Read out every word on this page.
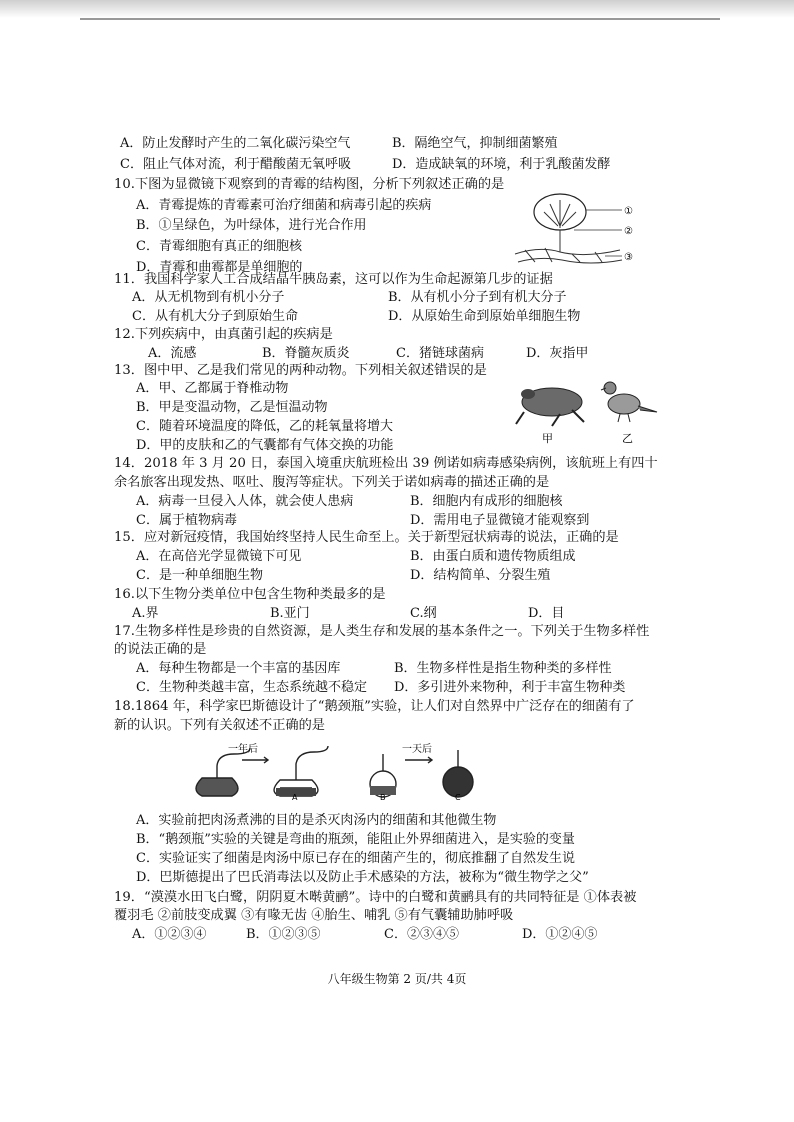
A．防止发酵时产生的二氧化碳污染空气	B．隔绝空气，抑制细菌繁殖
C．阻止气体对流，利于醋酸菌无氧呼吸	D．造成缺氧的环境，利于乳酸菌发酵
10.下图为显微镜下观察到的青霉的结构图，分析下列叙述正确的是
A．青霉提炼的青霉素可治疗细菌和病毒引起的疾病
B．①呈绿色，为叶绿体，进行光合作用
C．青霉细胞有真正的细胞核
D．青霉和曲霉都是单细胞的
①
②
③
11．我国科学家人工合成结晶牛胰岛素，这可以作为生命起源第几步的证据
A．从无机物到有机小分子	B．从有机小分子到有机大分子
C．从有机大分子到原始生命	D．从原始生命到原始单细胞生物
12.下列疾病中，由真菌引起的疾病是
A．流感	B．脊髓灰质炎	C．猪链球菌病	D．灰指甲
13．图中甲、乙是我们常见的两种动物。下列相关叙述错误的是
A．甲、乙都属于脊椎动物
B．甲是变温动物，乙是恒温动物
C．随着环境温度的降低，乙的耗氧量将增大
D．甲的皮肤和乙的气囊都有气体交换的功能	甲	乙
14．2018 年 3 月 20 日，泰国入境重庆航班检出 39 例诺如病毒感染病例，该航班上有四十
余名旅客出现发热、呕吐、腹泻等症状。下列关于诺如病毒的描述正确的是
A．病毒一旦侵入人体，就会使人患病	B．细胞内有成形的细胞核
C．属于植物病毒	D．需用电子显微镜才能观察到
15．应对新冠疫情，我国始终坚持人民生命至上。关于新型冠状病毒的说法，正确的是
A．在高倍光学显微镜下可见	B．由蛋白质和遗传物质组成
C．是一种单细胞生物	D．结构简单、分裂生殖
16.以下生物分类单位中包含生物种类最多的是
A.界	B.亚门	C.纲	D．目
17.生物多样性是珍贵的自然资源，是人类生存和发展的基本条件之一。下列关于生物多样性
的说法正确的是
A．每种生物都是一个丰富的基因库	B．生物多样性是指生物种类的多样性
C．生物种类越丰富，生态系统越不稳定 D．多引进外来物种，利于丰富生物种类
18.1864 年，科学家巴斯德设计了“鹅颈瓶”实验，让人们对自然界中广泛存在的细菌有了
新的认识。下列有关叙述不正确的是
一年后	一天后
A	B	C
A．实验前把肉汤煮沸的目的是杀灭肉汤内的细菌和其他微生物
B．“鹅颈瓶”实验的关键是弯曲的瓶颈，能阻止外界细菌进入，是实验的变量
C．实验证实了细菌是肉汤中原已存在的细菌产生的，彻底推翻了自然发生说
D．巴斯德提出了巴氏消毒法以及防止手术感染的方法，被称为“微生物学之父”
19．“漠漠水田飞白鹭，阴阴夏木啭黄鹂”。诗中的白鹭和黄鹂具有的共同特征是 ①体表被
覆羽毛 ②前肢变成翼 ③有喙无齿 ④胎生、哺乳 ⑤有气囊辅助肺呼吸
A．①②③④	B．①②③⑤	C．②③④⑤	D．①②④⑤
八年级生物第 2 页/共 4页
